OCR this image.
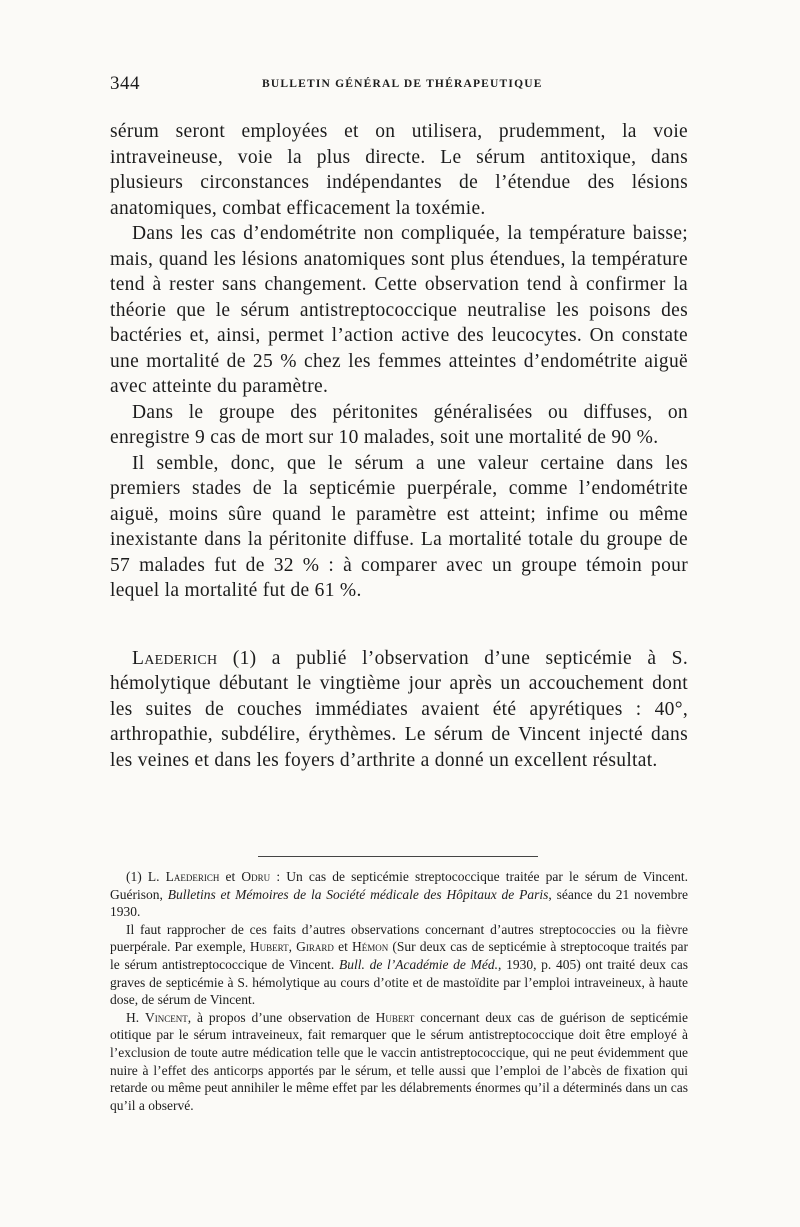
344	BULLETIN GÉNÉRAL DE THÉRAPEUTIQUE

sérum seront employées et on utilisera, prudemment, la voie intraveineuse, voie la plus directe. Le sérum antitoxique, dans plusieurs circonstances indépendantes de l’étendue des lésions anatomiques, combat efficacement la toxémie.

Dans les cas d’endométrite non compliquée, la température baisse; mais, quand les lésions anatomiques sont plus étendues, la température tend à rester sans changement. Cette observation tend à confirmer la théorie que le sérum antistreptococcique neutralise les poisons des bactéries et, ainsi, permet l’action active des leucocytes. On constate une mortalité de 25 % chez les femmes atteintes d’endométrite aiguë avec atteinte du paramètre.

Dans le groupe des péritonites généralisées ou diffuses, on enregistre 9 cas de mort sur 10 malades, soit une mortalité de 90 %.

Il semble, donc, que le sérum a une valeur certaine dans les premiers stades de la septicémie puerpérale, comme l’endométrite aiguë, moins sûre quand le paramètre est atteint; infime ou même inexistante dans la péritonite diffuse. La mortalité totale du groupe de 57 malades fut de 32 % : à comparer avec un groupe témoin pour lequel la mortalité fut de 61 %.

Laederich (1) a publié l’observation d’une septicémie à S. hémolytique débutant le vingtième jour après un accouchement dont les suites de couches immédiates avaient été apyrétiques : 40°, arthropathie, subdélire, érythèmes. Le sérum de Vincent injecté dans les veines et dans les foyers d’arthrite a donné un excellent résultat.

(1) L. Laederich et Odru : Un cas de septicémie streptococcique traitée par le sérum de Vincent. Guérison, Bulletins et Mémoires de la Société médicale des Hôpitaux de Paris, séance du 21 novembre 1930.

Il faut rapprocher de ces faits d’autres observations concernant d’autres streptococcies ou la fièvre puerpérale. Par exemple, Hubert, Girard et Hémon (Sur deux cas de septicémie à streptocoque traités par le sérum antistreptococcique de Vincent. Bull. de l’Académie de Méd., 1930, p. 405) ont traité deux cas graves de septicémie à S. hémolytique au cours d’otite et de mastoïdite par l’emploi intraveineux, à haute dose, de sérum de Vincent.

H. Vincent, à propos d’une observation de Hubert concernant deux cas de guérison de septicémie otitique par le sérum intraveineux, fait remarquer que le sérum antistreptococcique doit être employé à l’exclusion de toute autre médication telle que le vaccin antistreptococcique, qui ne peut évidemment que nuire à l’effet des anticorps apportés par le sérum, et telle aussi que l’emploi de l’abcès de fixation qui retarde ou même peut annihiler le même effet par les délabrements énormes qu’il a déterminés dans un cas qu’il a observé.
